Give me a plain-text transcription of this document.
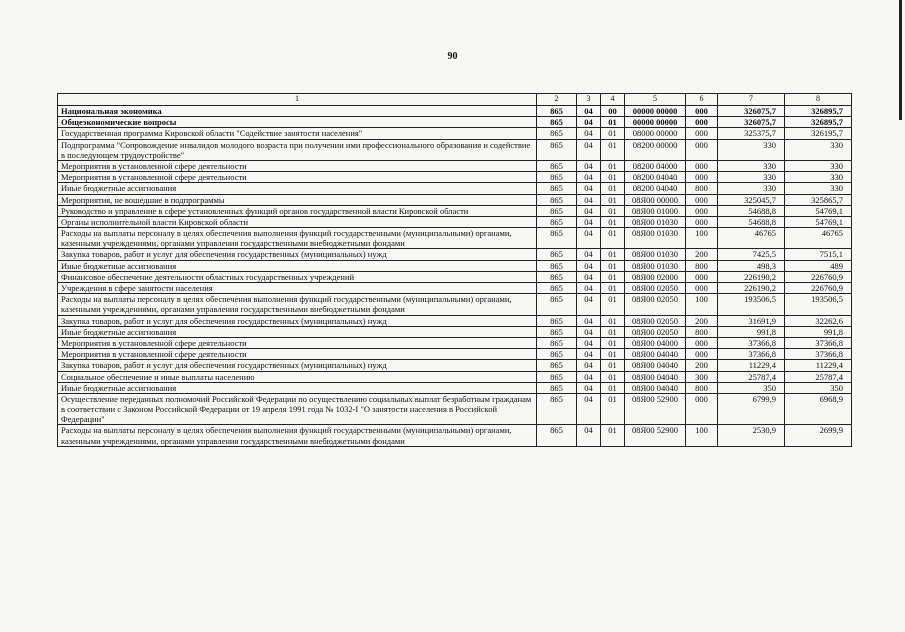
90
1	2	3	4	5	6	7	8
Национальная экономика	865	04	00	00000 00000	000	326075,7	326895,7
Общеэкономические вопросы	865	04	01	00000 00000	000	326075,7	326895,7
Государственная программа Кировской области "Содействие занятости населения"	865	04	01	08000 00000	000	325375,7	326195,7
Подпрограмма "Сопровождение инвалидов молодого возраста при получении ими профессионального образования и содействие в последующем трудоустройстве"	865	04	01	08200 00000	000	330	330
Мероприятия в установленной сфере деятельности	865	04	01	08200 04000	000	330	330
Мероприятия в установленной сфере деятельности	865	04	01	08200 04040	000	330	330
Иные бюджетные ассигнования	865	04	01	08200 04040	800	330	330
Мероприятия, не вошедшие в подпрограммы	865	04	01	08Я00 00000	000	325045,7	325865,7
Руководство и управление в сфере установленных функций органов государственной власти Кировской области	865	04	01	08Я00 01000	000	54688,8	54769,1
Органы исполнительной власти Кировской области	865	04	01	08Я00 01030	000	54688,8	54769,1
Расходы на выплаты персоналу в целях обеспечения выполнения функций государственными (муниципальными) органами, казенными учреждениями, органами управления государственными внебюджетными фондами	865	04	01	08Я00 01030	100	46765	46765
Закупка товаров, работ и услуг для обеспечения государственных (муниципальных) нужд	865	04	01	08Я00 01030	200	7425,5	7515,1
Иные бюджетные ассигнования	865	04	01	08Я00 01030	800	498,3	489
Финансовое обеспечение деятельности областных государственных учреждений	865	04	01	08Я00 02000	000	226190,2	226760,9
Учреждения в сфере занятости населения	865	04	01	08Я00 02050	000	226190,2	226760,9
Расходы на выплаты персоналу в целях обеспечения выполнения функций государственными (муниципальными) органами, казенными учреждениями, органами управления государственными внебюджетными фондами	865	04	01	08Я00 02050	100	193506,5	193506,5
Закупка товаров, работ и услуг для обеспечения государственных (муниципальных) нужд	865	04	01	08Я00 02050	200	31691,9	32262,6
Иные бюджетные ассигнования	865	04	01	08Я00 02050	800	991,8	991,8
Мероприятия в установленной сфере деятельности	865	04	01	08Я00 04000	000	37366,8	37366,8
Мероприятия в установленной сфере деятельности	865	04	01	08Я00 04040	000	37366,8	37366,8
Закупка товаров, работ и услуг для обеспечения государственных (муниципальных) нужд	865	04	01	08Я00 04040	200	11229,4	11229,4
Социальное обеспечение и иные выплаты населению	865	04	01	08Я00 04040	300	25787,4	25787,4
Иные бюджетные ассигнования	865	04	01	08Я00 04040	800	350	350
Осуществление переданных полномочий Российской Федерации по осуществлению социальных выплат безработным гражданам в соответствии с Законом Российской Федерации от 19 апреля 1991 года № 1032-I "О занятости населения в Российской Федерации"	865	04	01	08Я00 52900	000	6799,9	6968,9
Расходы на выплаты персоналу в целях обеспечения выполнения функций государственными (муниципальными) органами, казенными учреждениями, органами управления государственными внебюджетными фондами	865	04	01	08Я00 52900	100	2530,9	2699,9
